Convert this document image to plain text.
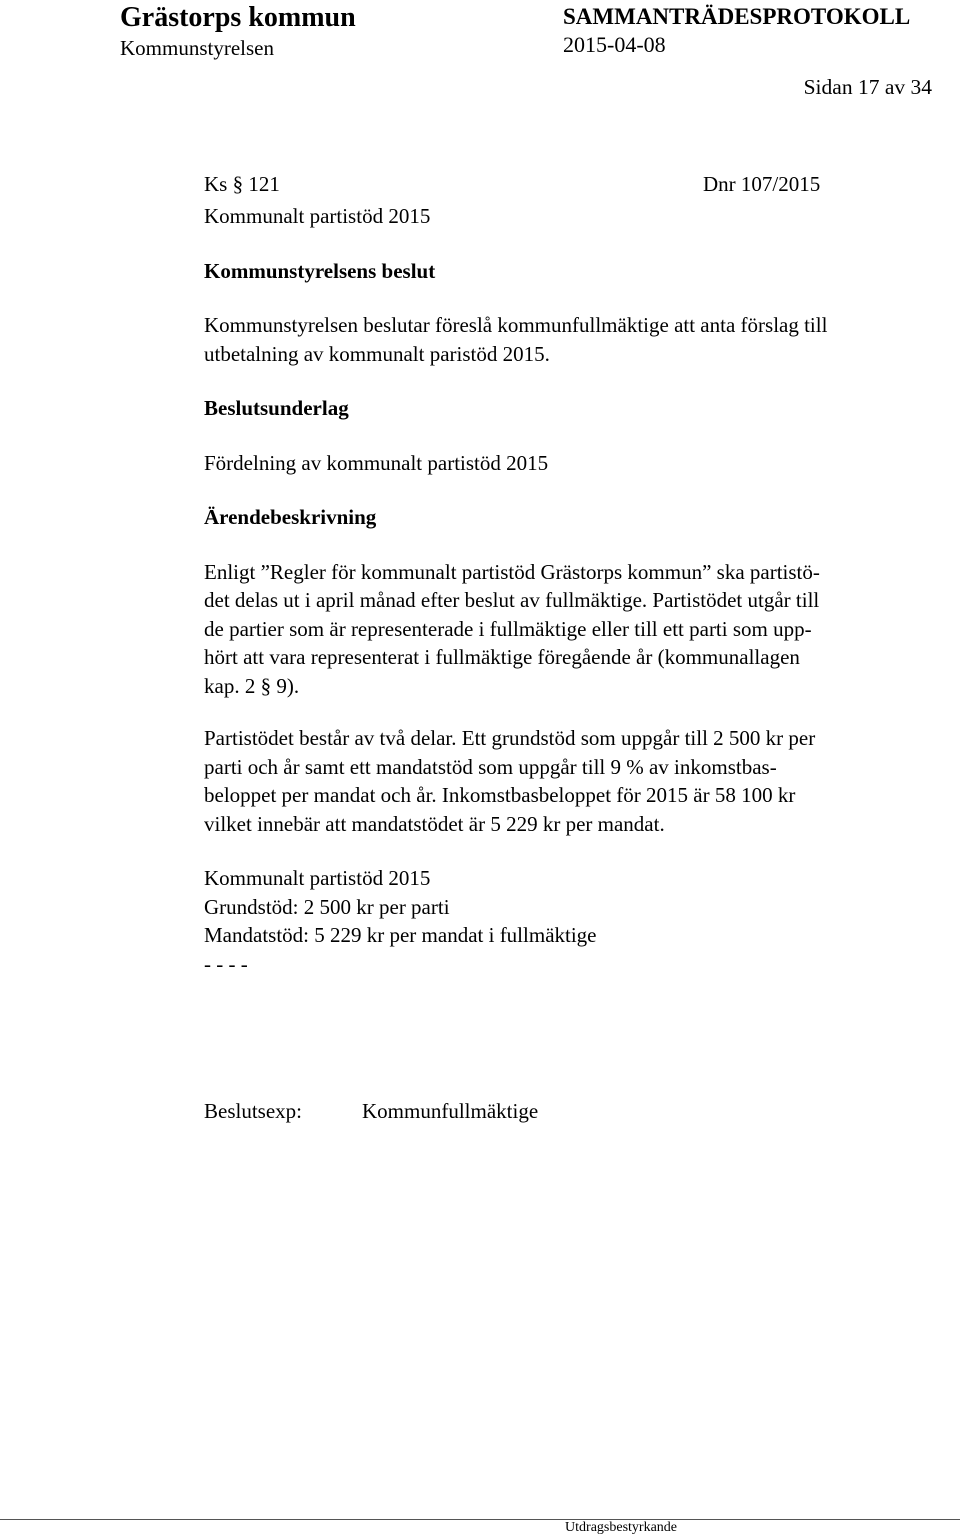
Grästorps kommun
Kommunstyrelsen
SAMMANTRÄDESPROTOKOLL
2015-04-08
Sidan 17 av 34
Ks § 121	Dnr 107/2015
Kommunalt partistöd 2015
Kommunstyrelsens beslut
Kommunstyrelsen beslutar föreslå kommunfullmäktige att anta förslag till
utbetalning av kommunalt paristöd 2015.
Beslutsunderlag
Fördelning av kommunalt partistöd 2015
Ärendebeskrivning
Enligt ”Regler för kommunalt partistöd Grästorps kommun” ska partistö-
det delas ut i april månad efter beslut av fullmäktige. Partistödet utgår till
de partier som är representerade i fullmäktige eller till ett parti som upp-
hört att vara representerat i fullmäktige föregående år (kommunallagen
kap. 2 § 9).
Partistödet består av två delar. Ett grundstöd som uppgår till 2 500 kr per
parti och år samt ett mandatstöd som uppgår till 9 % av inkomstbas-
beloppet per mandat och år. Inkomstbasbeloppet för 2015 är 58 100 kr
vilket innebär att mandatstödet är 5 229 kr per mandat.
Kommunalt partistöd 2015
Grundstöd: 2 500 kr per parti
Mandatstöd: 5 229 kr per mandat i fullmäktige
- - - -
Beslutsexp:	Kommunfullmäktige
Utdragsbestyrkande
